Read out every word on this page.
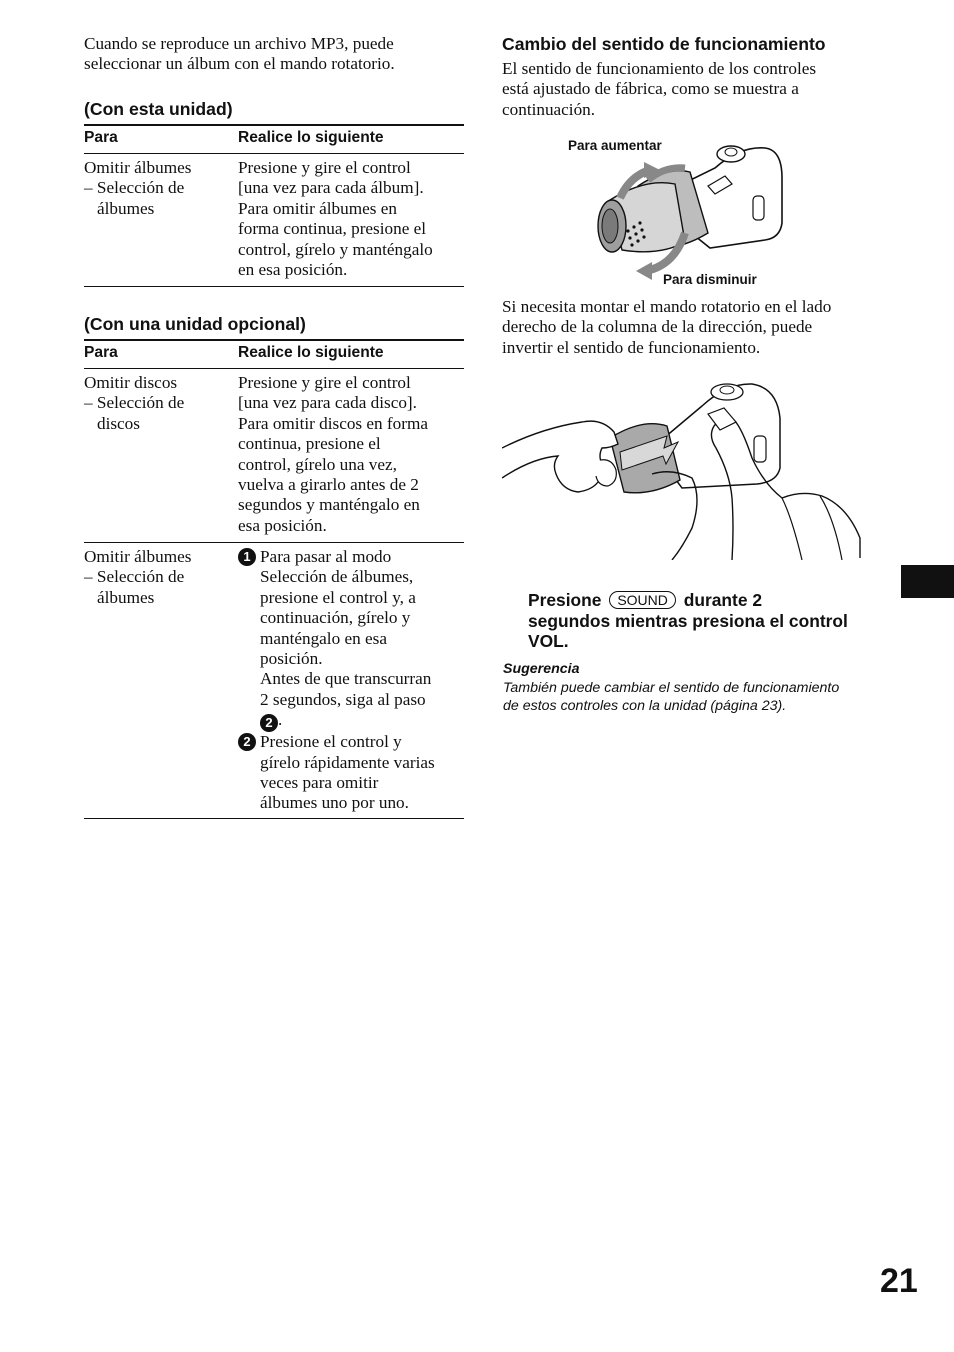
Cuando se reproduce un archivo MP3, puede
seleccionar un álbum con el mando rotatorio.
(Con esta unidad)
Para	Realice lo siguiente
Omitir álbumes
– Selección de
álbumes
Presione y gire el control
[una vez para cada álbum].
Para omitir álbumes en
forma continua, presione el
control, gírelo y manténgalo
en esa posición.
(Con una unidad opcional)
Para	Realice lo siguiente
Omitir discos
– Selección de
discos
Presione y gire el control
[una vez para cada disco].
Para omitir discos en forma
continua, presione el
control, gírelo una vez,
vuelva a girarlo antes de 2
segundos y manténgalo en
esa posición.
Omitir álbumes
– Selección de
álbumes
1 Para pasar al modo
Selección de álbumes,
presione el control y, a
continuación, gírelo y
manténgalo en esa
posición.
Antes de que transcurran
2 segundos, siga al paso
2 .
2 Presione el control y
gírelo rápidamente varias
veces para omitir
álbumes uno por uno.
Cambio del sentido de funcionamiento
El sentido de funcionamiento de los controles
está ajustado de fábrica, como se muestra a
continuación.
Para aumentar
Para disminuir
Si necesita montar el mando rotatorio en el lado
derecho de la columna de la dirección, puede
invertir el sentido de funcionamiento.
Presione SOUND durante 2
segundos mientras presiona el control
VOL.
Sugerencia
También puede cambiar el sentido de funcionamiento
de estos controles con la unidad (página 23).
21
